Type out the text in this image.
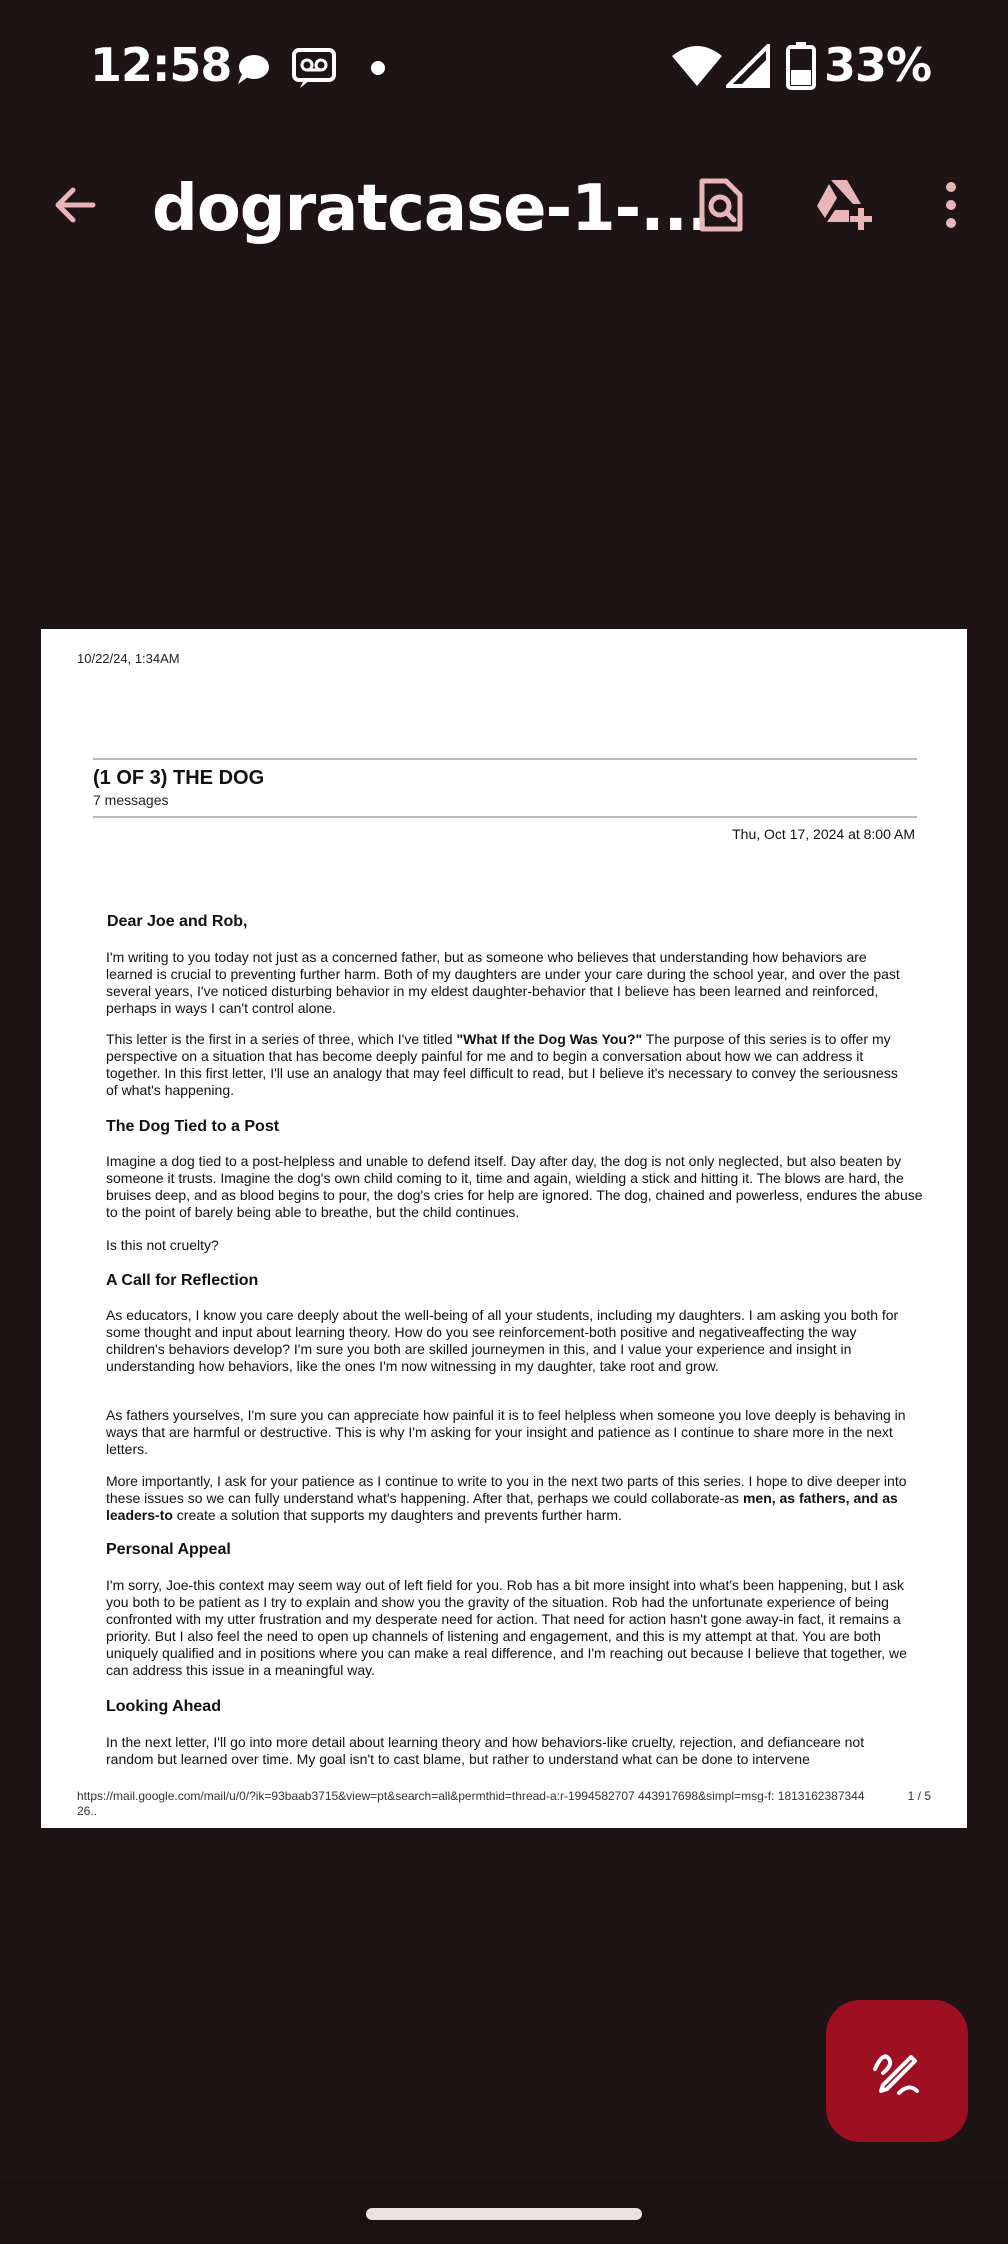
12:58	33%
dogratcase-1-...
10/22/24, 1:34AM
(1 OF 3) THE DOG
7 messages
Thu, Oct 17, 2024 at 8:00 AM
Dear Joe and Rob,
I'm writing to you today not just as a concerned father, but as someone who believes that understanding how behaviors are learned is crucial to preventing further harm. Both of my daughters are under your care during the school year, and over the past several years, I've noticed disturbing behavior in my eldest daughter-behavior that I believe has been learned and reinforced, perhaps in ways I can't control alone.
This letter is the first in a series of three, which I've titled "What If the Dog Was You?" The purpose of this series is to offer my perspective on a situation that has become deeply painful for me and to begin a conversation about how we can address it together. In this first letter, I'll use an analogy that may feel difficult to read, but I believe it's necessary to convey the seriousness of what's happening.
The Dog Tied to a Post
Imagine a dog tied to a post-helpless and unable to defend itself. Day after day, the dog is not only neglected, but also beaten by someone it trusts. Imagine the dog's own child coming to it, time and again, wielding a stick and hitting it. The blows are hard, the bruises deep, and as blood begins to pour, the dog's cries for help are ignored. The dog, chained and powerless, endures the abuse to the point of barely being able to breathe, but the child continues.
Is this not cruelty?
A Call for Reflection
As educators, I know you care deeply about the well-being of all your students, including my daughters. I am asking you both for some thought and input about learning theory. How do you see reinforcement-both positive and negativeaffecting the way children's behaviors develop? I'm sure you both are skilled journeymen in this, and I value your experience and insight in understanding how behaviors, like the ones I'm now witnessing in my daughter, take root and grow.
As fathers yourselves, I'm sure you can appreciate how painful it is to feel helpless when someone you love deeply is behaving in ways that are harmful or destructive. This is why I'm asking for your insight and patience as I continue to share more in the next letters.
More importantly, I ask for your patience as I continue to write to you in the next two parts of this series. I hope to dive deeper into these issues so we can fully understand what's happening. After that, perhaps we could collaborate-as men, as fathers, and as leaders-to create a solution that supports my daughters and prevents further harm.
Personal Appeal
I'm sorry, Joe-this context may seem way out of left field for you. Rob has a bit more insight into what's been happening, but I ask you both to be patient as I try to explain and show you the gravity of the situation. Rob had the unfortunate experience of being confronted with my utter frustration and my desperate need for action. That need for action hasn't gone away-in fact, it remains a priority. But I also feel the need to open up channels of listening and engagement, and this is my attempt at that. You are both uniquely qualified and in positions where you can make a real difference, and I'm reaching out because I believe that together, we can address this issue in a meaningful way.
Looking Ahead
In the next letter, I'll go into more detail about learning theory and how behaviors-like cruelty, rejection, and defianceare not random but learned over time. My goal isn't to cast blame, but rather to understand what can be done to intervene
https://mail.google.com/mail/u/0/?ik=93baab3715&view=pt&search=all&permthid=thread-a:r-1994582707 443917698&simpl=msg-f: 181316238734426..
1 / 5
